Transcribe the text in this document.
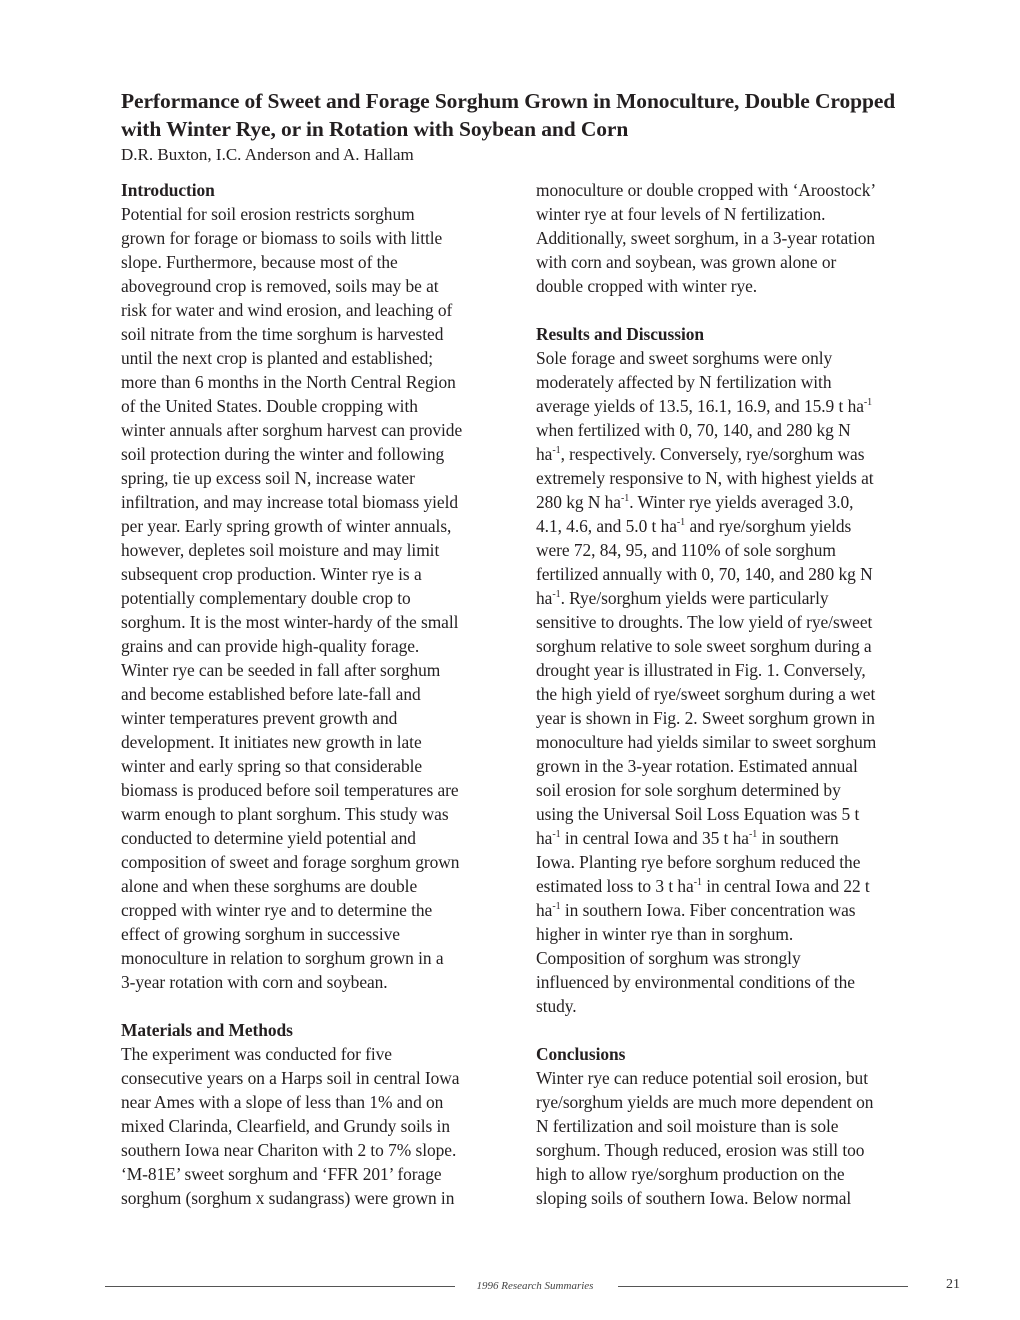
Performance of Sweet and Forage Sorghum Grown in Monoculture, Double Cropped with Winter Rye, or in Rotation with Soybean and Corn

D.R. Buxton, I.C. Anderson and A. Hallam

Introduction

Potential for soil erosion restricts sorghum
grown for forage or biomass to soils with little
slope. Furthermore, because most of the
aboveground crop is removed, soils may be at
risk for water and wind erosion, and leaching of
soil nitrate from the time sorghum is harvested
until the next crop is planted and established;
more than 6 months in the North Central Region
of the United States. Double cropping with
winter annuals after sorghum harvest can provide
soil protection during the winter and following
spring, tie up excess soil N, increase water
infiltration, and may increase total biomass yield
per year. Early spring growth of winter annuals,
however, depletes soil moisture and may limit
subsequent crop production. Winter rye is a
potentially complementary double crop to
sorghum. It is the most winter-hardy of the small
grains and can provide high-quality forage.
Winter rye can be seeded in fall after sorghum
and become established before late-fall and
winter temperatures prevent growth and
development. It initiates new growth in late
winter and early spring so that considerable
biomass is produced before soil temperatures are
warm enough to plant sorghum. This study was
conducted to determine yield potential and
composition of sweet and forage sorghum grown
alone and when these sorghums are double
cropped with winter rye and to determine the
effect of growing sorghum in successive
monoculture in relation to sorghum grown in a
3-year rotation with corn and soybean.

Materials and Methods

The experiment was conducted for five
consecutive years on a Harps soil in central Iowa
near Ames with a slope of less than 1% and on
mixed Clarinda, Clearfield, and Grundy soils in
southern Iowa near Chariton with 2 to 7% slope.
‘M-81E’ sweet sorghum and ‘FFR 201’ forage
sorghum (sorghum x sudangrass) were grown in

monoculture or double cropped with ‘Aroostock’
winter rye at four levels of N fertilization.
Additionally, sweet sorghum, in a 3-year rotation
with corn and soybean, was grown alone or
double cropped with winter rye.

Results and Discussion

Sole forage and sweet sorghums were only

moderately affected by N fertilization with

average yields of 13.5, 16.1, 16.9, and 15.9 t $ha^{-1}$

when fertilized with 0, 70, 140, and 280 kg N

$ha^{-1}$, respectively. Conversely, rye/sorghum was

extremely responsive to N, with highest yields at

280 kg N $ha^{-1}$. Winter rye yields averaged 3.0,

4.1, 4.6, and 5.0 t $ha^{-1}$ and rye/sorghum yields

were 72, 84, 95, and 110% of sole sorghum

fertilized annually with 0, 70, 140, and 280 kg N

$ha^{-1}$. Rye/sorghum yields were particularly

sensitive to droughts. The low yield of rye/sweet

sorghum relative to sole sweet sorghum during a

drought year is illustrated in Fig. 1. Conversely,

the high yield of rye/sweet sorghum during a wet

year is shown in Fig. 2. Sweet sorghum grown in

monoculture had yields similar to sweet sorghum

grown in the 3-year rotation. Estimated annual

soil erosion for sole sorghum determined by

using the Universal Soil Loss Equation was 5 t

$ha^{-1}$ in central Iowa and 35 t $ha^{-1}$ in southern

Iowa. Planting rye before sorghum reduced the

estimated loss to 3 t $ha^{-1}$ in central Iowa and 22 t

$ha^{-1}$ in southern Iowa. Fiber concentration was

higher in winter rye than in sorghum.

Composition of sorghum was strongly

influenced by environmental conditions of the

study.

Conclusions

Winter rye can reduce potential soil erosion, but
rye/sorghum yields are much more dependent on
N fertilization and soil moisture than is sole
sorghum. Though reduced, erosion was still too
high to allow rye/sorghum production on the
sloping soils of southern Iowa. Below normal

1996 Research Summaries	21
